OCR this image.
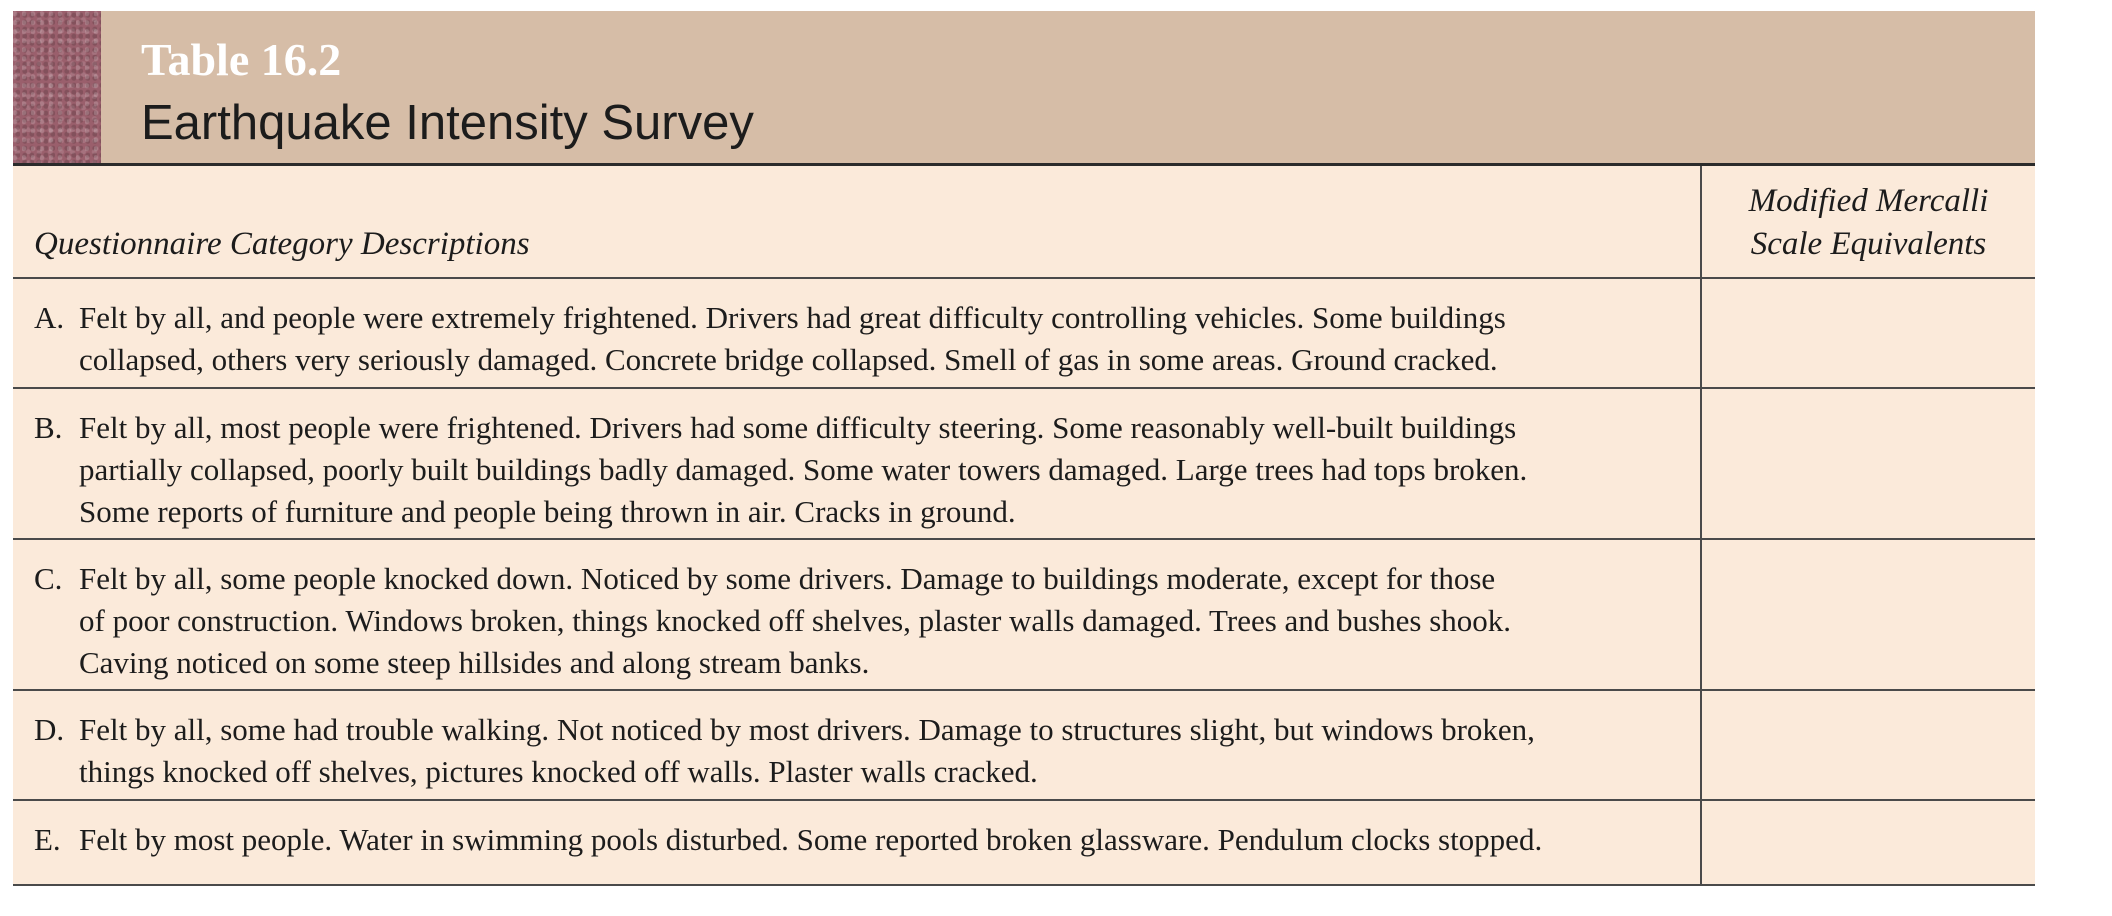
Table 16.2
Earthquake Intensity Survey
Questionnaire Category Descriptions
Modified Mercalli
Scale Equivalents
A. Felt by all, and people were extremely frightened. Drivers had great difficulty controlling vehicles. Some buildings
collapsed, others very seriously damaged. Concrete bridge collapsed. Smell of gas in some areas. Ground cracked.
B. Felt by all, most people were frightened. Drivers had some difficulty steering. Some reasonably well-built buildings
partially collapsed, poorly built buildings badly damaged. Some water towers damaged. Large trees had tops broken.
Some reports of furniture and people being thrown in air. Cracks in ground.
C. Felt by all, some people knocked down. Noticed by some drivers. Damage to buildings moderate, except for those
of poor construction. Windows broken, things knocked off shelves, plaster walls damaged. Trees and bushes shook.
Caving noticed on some steep hillsides and along stream banks.
D. Felt by all, some had trouble walking. Not noticed by most drivers. Damage to structures slight, but windows broken,
things knocked off shelves, pictures knocked off walls. Plaster walls cracked.
E. Felt by most people. Water in swimming pools disturbed. Some reported broken glassware. Pendulum clocks stopped.
